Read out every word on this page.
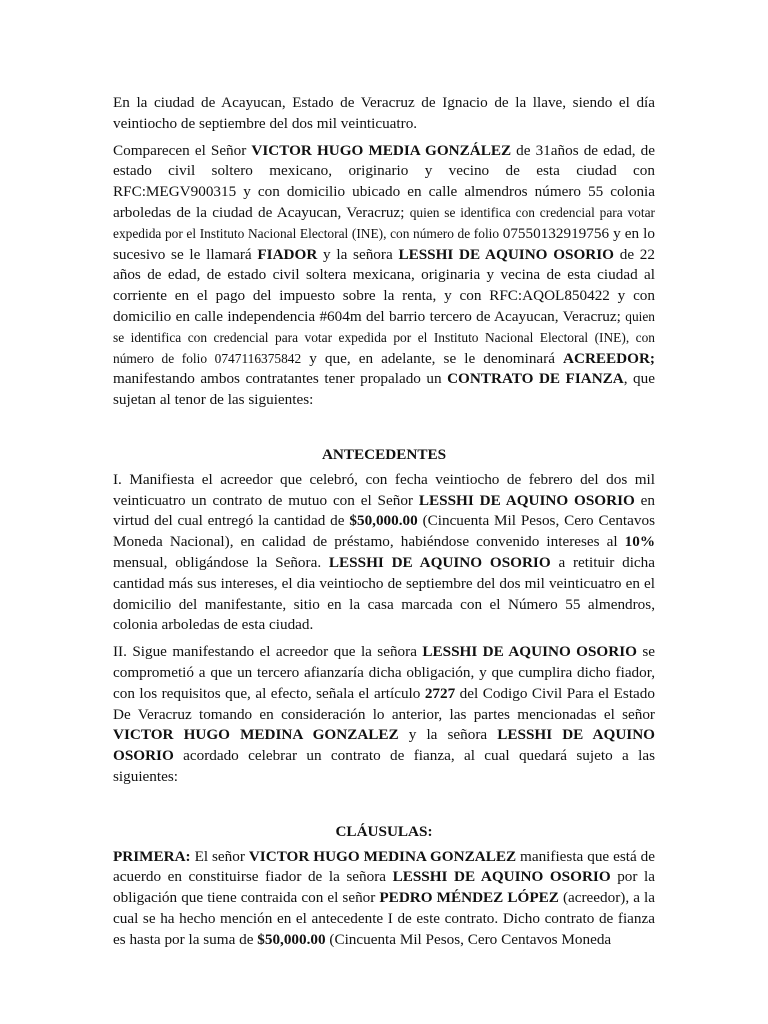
En la ciudad de Acayucan, Estado de Veracruz de Ignacio de la llave, siendo el día veintiocho de septiembre del dos mil veinticuatro.
Comparecen el Señor VICTOR HUGO MEDIA GONZÁLEZ de 31años de edad, de estado civil soltero mexicano, originario y vecino de esta ciudad con RFC:MEGV900315 y con domicilio ubicado en calle almendros número 55 colonia arboledas de la ciudad de Acayucan, Veracruz; quien se identifica con credencial para votar expedida por el Instituto Nacional Electoral (INE), con número de folio 07550132919756 y en lo sucesivo se le llamará FIADOR y la señora LESSHI DE AQUINO OSORIO de 22 años de edad, de estado civil soltera mexicana, originaria y vecina de esta ciudad al corriente en el pago del impuesto sobre la renta, y con RFC:AQOL850422 y con domicilio en calle independencia #604m del barrio tercero de Acayucan, Veracruz; quien se identifica con credencial para votar expedida por el Instituto Nacional Electoral (INE), con número de folio 0747116375842 y que, en adelante, se le denominará ACREEDOR; manifestando ambos contratantes tener propalado un CONTRATO DE FIANZA, que sujetan al tenor de las siguientes:
ANTECEDENTES
I. Manifiesta el acreedor que celebró, con fecha veintiocho de febrero del dos mil veinticuatro un contrato de mutuo con el Señor LESSHI DE AQUINO OSORIO en virtud del cual entregó la cantidad de $50,000.00 (Cincuenta Mil Pesos, Cero Centavos Moneda Nacional), en calidad de préstamo, habiéndose convenido intereses al 10% mensual, obligándose la Señora. LESSHI DE AQUINO OSORIO a retituir dicha cantidad más sus intereses, el dia veintiocho de septiembre del dos mil veinticuatro en el domicilio del manifestante, sitio en la casa marcada con el Número 55 almendros, colonia arboledas de esta ciudad.
II. Sigue manifestando el acreedor que la señora LESSHI DE AQUINO OSORIO se comprometió a que un tercero afianzaría dicha obligación, y que cumplira dicho fiador, con los requisitos que, al efecto, señala el artículo 2727 del Codigo Civil Para el Estado De Veracruz tomando en consideración lo anterior, las partes mencionadas el señor VICTOR HUGO MEDINA GONZALEZ y la señora LESSHI DE AQUINO OSORIO acordado celebrar un contrato de fianza, al cual quedará sujeto a las siguientes:
CLÁUSULAS:
PRIMERA: El señor VICTOR HUGO MEDINA GONZALEZ manifiesta que está de acuerdo en constituirse fiador de la señora LESSHI DE AQUINO OSORIO por la obligación que tiene contraida con el señor PEDRO MÉNDEZ LÓPEZ (acreedor), a la cual se ha hecho mención en el antecedente I de este contrato. Dicho contrato de fianza es hasta por la suma de $50,000.00 (Cincuenta Mil Pesos, Cero Centavos Moneda
